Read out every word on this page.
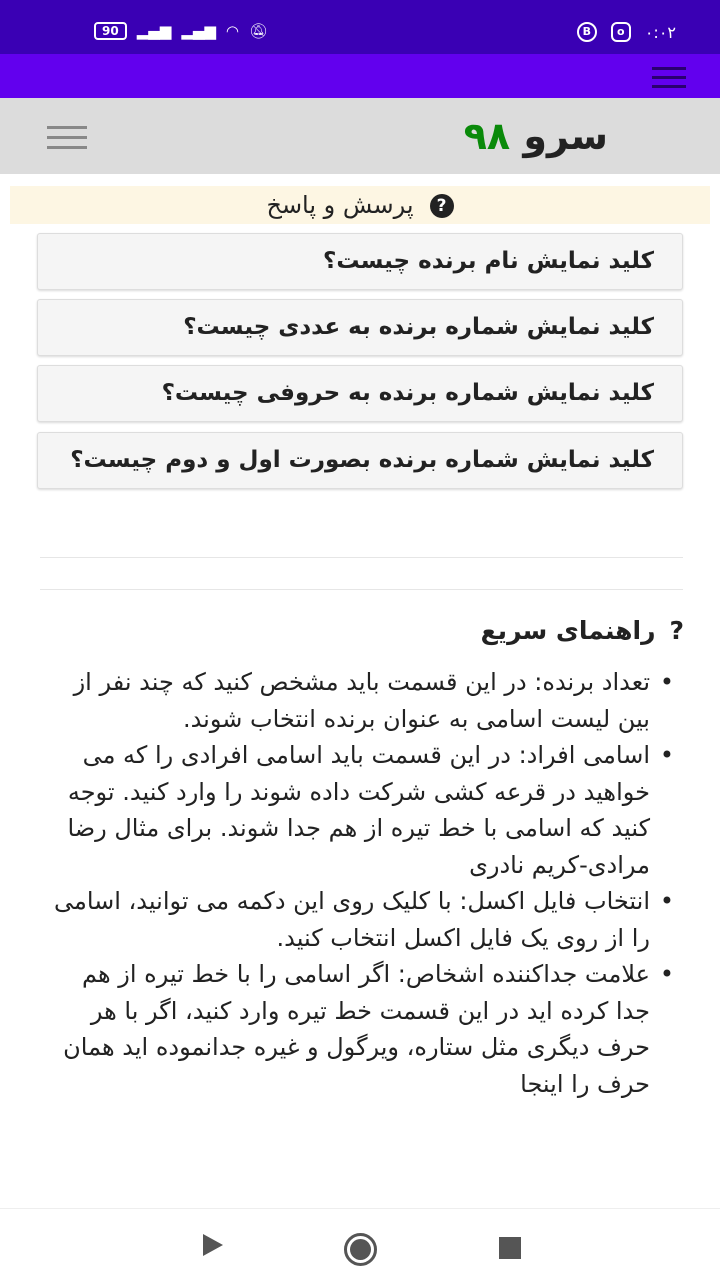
90	▂▄▆ ▂▄▆ ◠ 🔕︎	B	o	۰:۰۲
سرو ۹۸
?پرسش و پاسخ
کلید نمایش نام برنده چیست؟
کلید نمایش شماره برنده به عددی چیست؟
کلید نمایش شماره برنده به حروفی چیست؟
کلید نمایش شماره برنده بصورت اول و دوم چیست؟
?راهنمای سریع
• تعداد برنده: در این قسمت باید مشخص کنید که چند نفر از بین لیست اسامی به عنوان برنده انتخاب شوند.
• اسامی افراد: در این قسمت باید اسامی افرادی را که می خواهید در قرعه کشی شرکت داده شوند را وارد کنید. توجه کنید که اسامی با خط تیره از هم جدا شوند. برای مثال رضا مرادی-کریم نادری
• انتخاب فایل اکسل: با کلیک روی این دکمه می توانید، اسامی را از روی یک فایل اکسل انتخاب کنید.
• علامت جداکننده اشخاص: اگر اسامی را با خط تیره از هم جدا کرده اید در این قسمت خط تیره وارد کنید، اگر با هر حرف دیگری مثل ستاره، ویرگول و غیره جدانموده اید همان حرف را اینجا
